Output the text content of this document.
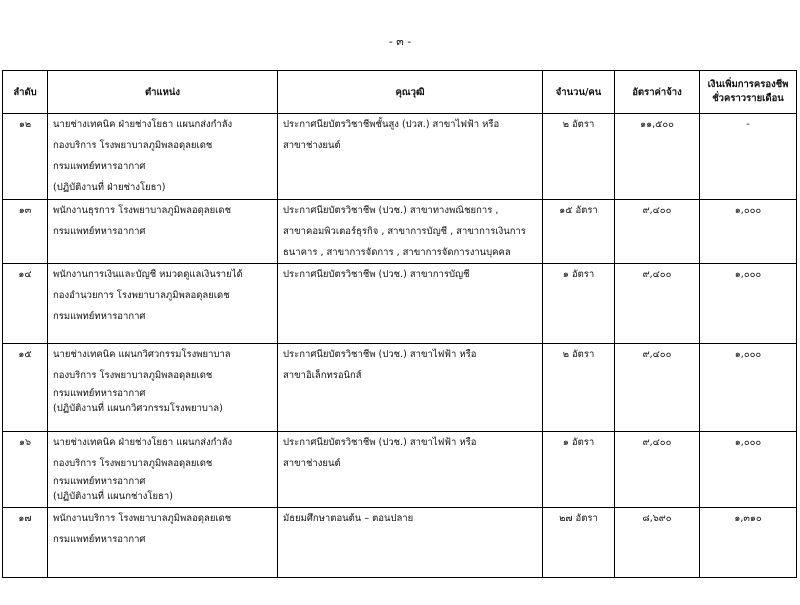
- ๓ -
ลำดับ	ตำแหน่ง	คุณวุฒิ	จำนวน/คน	อัตราค่าจ้าง	เงินเพิ่มการครองชีพ
ชั่วคราวรายเดือน

๑๒	นายช่างเทคนิค ฝ่ายช่างโยธา แผนกส่งกำลัง
กองบริการ โรงพยาบาลภูมิพลอดุลยเดช
กรมแพทย์ทหารอากาศ
(ปฏิบัติงานที่ ฝ่ายช่างโยธา)	ประกาศนียบัตรวิชาชีพชั้นสูง (ปวส.) สาขาไฟฟ้า หรือ
สาขาช่างยนต์	๒ อัตรา	๑๑,๕๐๐	-
๑๓	พนักงานธุรการ โรงพยาบาลภูมิพลอดุลยเดช
กรมแพทย์ทหารอากาศ	ประกาศนียบัตรวิชาชีพ (ปวช.) สาขาทางพณิชยการ ,
สาขาคอมพิวเตอร์ธุรกิจ , สาขาการบัญชี , สาขาการเงินการ
ธนาคาร , สาขาการจัดการ , สาขาการจัดการงานบุคคล	๑๕ อัตรา	๙,๔๐๐	๑,๐๐๐
๑๔	พนักงานการเงินและบัญชี หมวดดูแลเงินรายได้
กองอำนวยการ โรงพยาบาลภูมิพลอดุลยเดช
กรมแพทย์ทหารอากาศ	ประกาศนียบัตรวิชาชีพ (ปวช.) สาขาการบัญชี	๑ อัตรา	๙,๔๐๐	๑,๐๐๐
๑๕	นายช่างเทคนิค แผนกวิศวกรรมโรงพยาบาล
กองบริการ โรงพยาบาลภูมิพลอดุลยเดช
กรมแพทย์ทหารอากาศ
(ปฏิบัติงานที่ แผนกวิศวกรรมโรงพยาบาล)	ประกาศนียบัตรวิชาชีพ (ปวช.) สาขาไฟฟ้า หรือ
สาขาอิเล็กทรอนิกส์	๒ อัตรา	๙,๔๐๐	๑,๐๐๐
๑๖	นายช่างเทคนิค ฝ่ายช่างโยธา แผนกส่งกำลัง
กองบริการ โรงพยาบาลภูมิพลอดุลยเดช
กรมแพทย์ทหารอากาศ
(ปฏิบัติงานที่ แผนกช่างโยธา)	ประกาศนียบัตรวิชาชีพ (ปวช.) สาขาไฟฟ้า หรือ
สาขาช่างยนต์	๑ อัตรา	๙,๔๐๐	๑,๐๐๐
๑๗	พนักงานบริการ โรงพยาบาลภูมิพลอดุลยเดช
กรมแพทย์ทหารอากาศ	มัธยมศึกษาตอนต้น – ตอนปลาย	๒๗ อัตรา	๘,๖๙๐	๑,๓๑๐
